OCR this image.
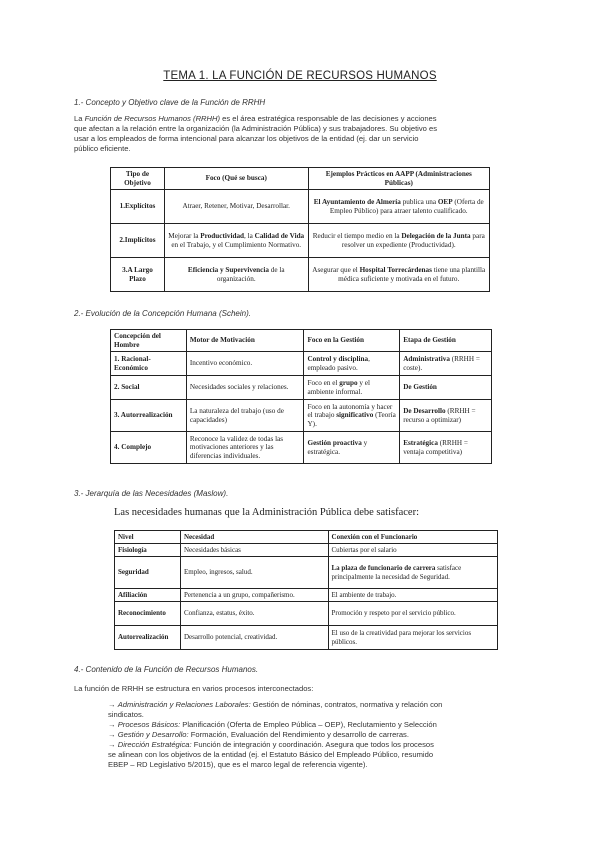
TEMA 1. LA FUNCIÓN DE RECURSOS HUMANOS
1.- Concepto y Objetivo clave de la Función de RRHH
La Función de Recursos Humanos (RRHH) es el área estratégica responsable de las decisiones y acciones
que afectan a la relación entre la organización (la Administración Pública) y sus trabajadores. Su objetivo es
usar a los empleados de forma intencional para alcanzar los objetivos de la entidad (ej. dar un servicio
público eficiente.
Tipo de Objetivo	Foco (Qué se busca)	Ejemplos Prácticos en AAPP (Administraciones Públicas)
1.Explícitos	Atraer, Retener, Motivar, Desarrollar.	El Ayuntamiento de Almería publica una OEP (Oferta de Empleo Público) para atraer talento cualificado.
2.Implícitos	Mejorar la Productividad, la Calidad de Vida en el Trabajo, y el Cumplimiento Normativo.	Reducir el tiempo medio en la Delegación de la Junta para resolver un expediente (Productividad).
3.A Largo Plazo	Eficiencia y Supervivencia de la organización.	Asegurar que el Hospital Torrecárdenas tiene una plantilla médica suficiente y motivada en el futuro.
2.- Evolución de la Concepción Humana (Schein).
Concepción del Hombre	Motor de Motivación	Foco en la Gestión	Etapa de Gestión
1. Racional-Económico	Incentivo económico.	Control y disciplina, empleado pasivo.	Administrativa (RRHH = coste).
2. Social	Necesidades sociales y relaciones.	Foco en el grupo y el ambiente informal.	De Gestión
3. Autorrealización	La naturaleza del trabajo (uso de capacidades)	Foco en la autonomía y hacer el trabajo significativo (Teoría Y).	De Desarrollo (RRHH = recurso a optimizar)
4. Complejo	Reconoce la validez de todas las motivaciones anteriores y las diferencias individuales.	Gestión proactiva y estratégica.	Estratégica (RRHH = ventaja competitiva)
3.- Jerarquía de las Necesidades (Maslow).
Las necesidades humanas que la Administración Pública debe satisfacer:
Nivel	Necesidad	Conexión con el Funcionario
Fisiología	Necesidades básicas	Cubiertas por el salario
Seguridad	Empleo, ingresos, salud.	La plaza de funcionario de carrera satisface principalmente la necesidad de Seguridad.
Afiliación	Pertenencia a un grupo, compañerismo.	El ambiente de trabajo.
Reconocimiento	Confianza, estatus, éxito.	Promoción y respeto por el servicio público.
Autorrealización	Desarrollo potencial, creatividad.	El uso de la creatividad para mejorar los servicios públicos.
4.- Contenido de la Función de Recursos Humanos.
La función de RRHH se estructura en varios procesos interconectados:
→ Administración y Relaciones Laborales: Gestión de nóminas, contratos, normativa y relación con
sindicatos.
→ Procesos Básicos: Planificación (Oferta de Empleo Pública – OEP), Reclutamiento y Selección
→ Gestión y Desarrollo: Formación, Evaluación del Rendimiento y desarrollo de carreras.
→ Dirección Estratégica: Función de integración y coordinación. Asegura que todos los procesos
se alinean con los objetivos de la entidad (ej. el Estatuto Básico del Empleado Público, resumido
EBEP – RD Legislativo 5/2015), que es el marco legal de referencia vigente).
